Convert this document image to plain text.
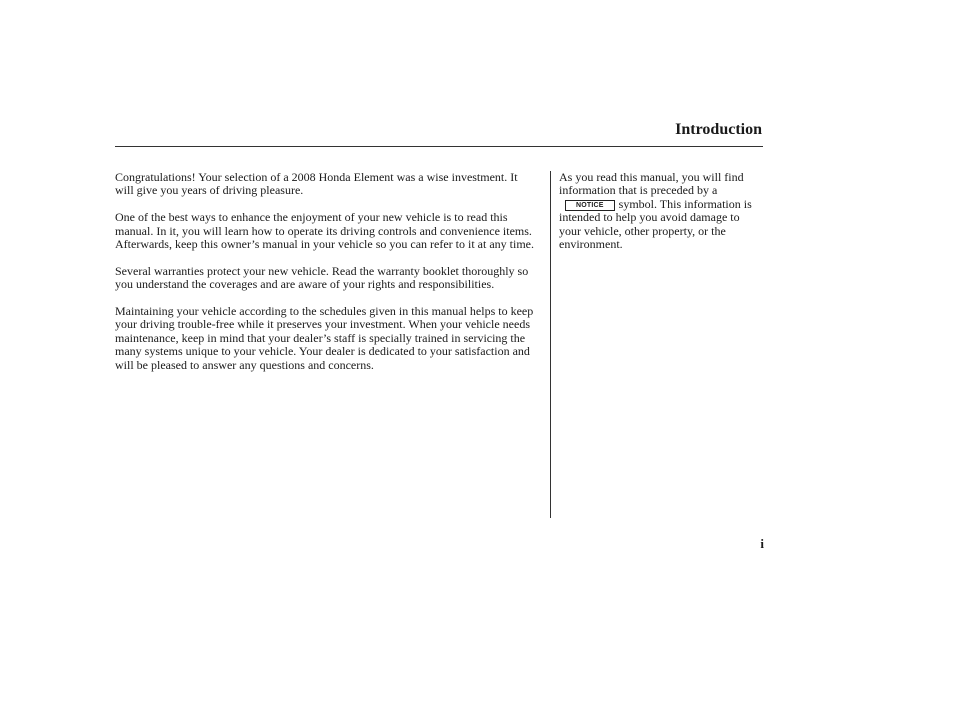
Introduction

Congratulations! Your selection of a 2008 Honda Element was a wise investment. It will give you years of driving pleasure.

One of the best ways to enhance the enjoyment of your new vehicle is to read this manual. In it, you will learn how to operate its driving controls and convenience items. Afterwards, keep this owner’s manual in your vehicle so you can refer to it at any time.

Several warranties protect your new vehicle. Read the warranty booklet thoroughly so you understand the coverages and are aware of your rights and responsibilities.

Maintaining your vehicle according to the schedules given in this manual helps to keep your driving trouble-free while it preserves your investment. When your vehicle needs maintenance, keep in mind that your dealer’s staff is specially trained in servicing the many systems unique to your vehicle. Your dealer is dedicated to your satisfaction and will be pleased to answer any questions and concerns.

As you read this manual, you will find information that is preceded by aNOTICE symbol. This information is intended to help you avoid damage to your vehicle, other property, or the environment.

i
